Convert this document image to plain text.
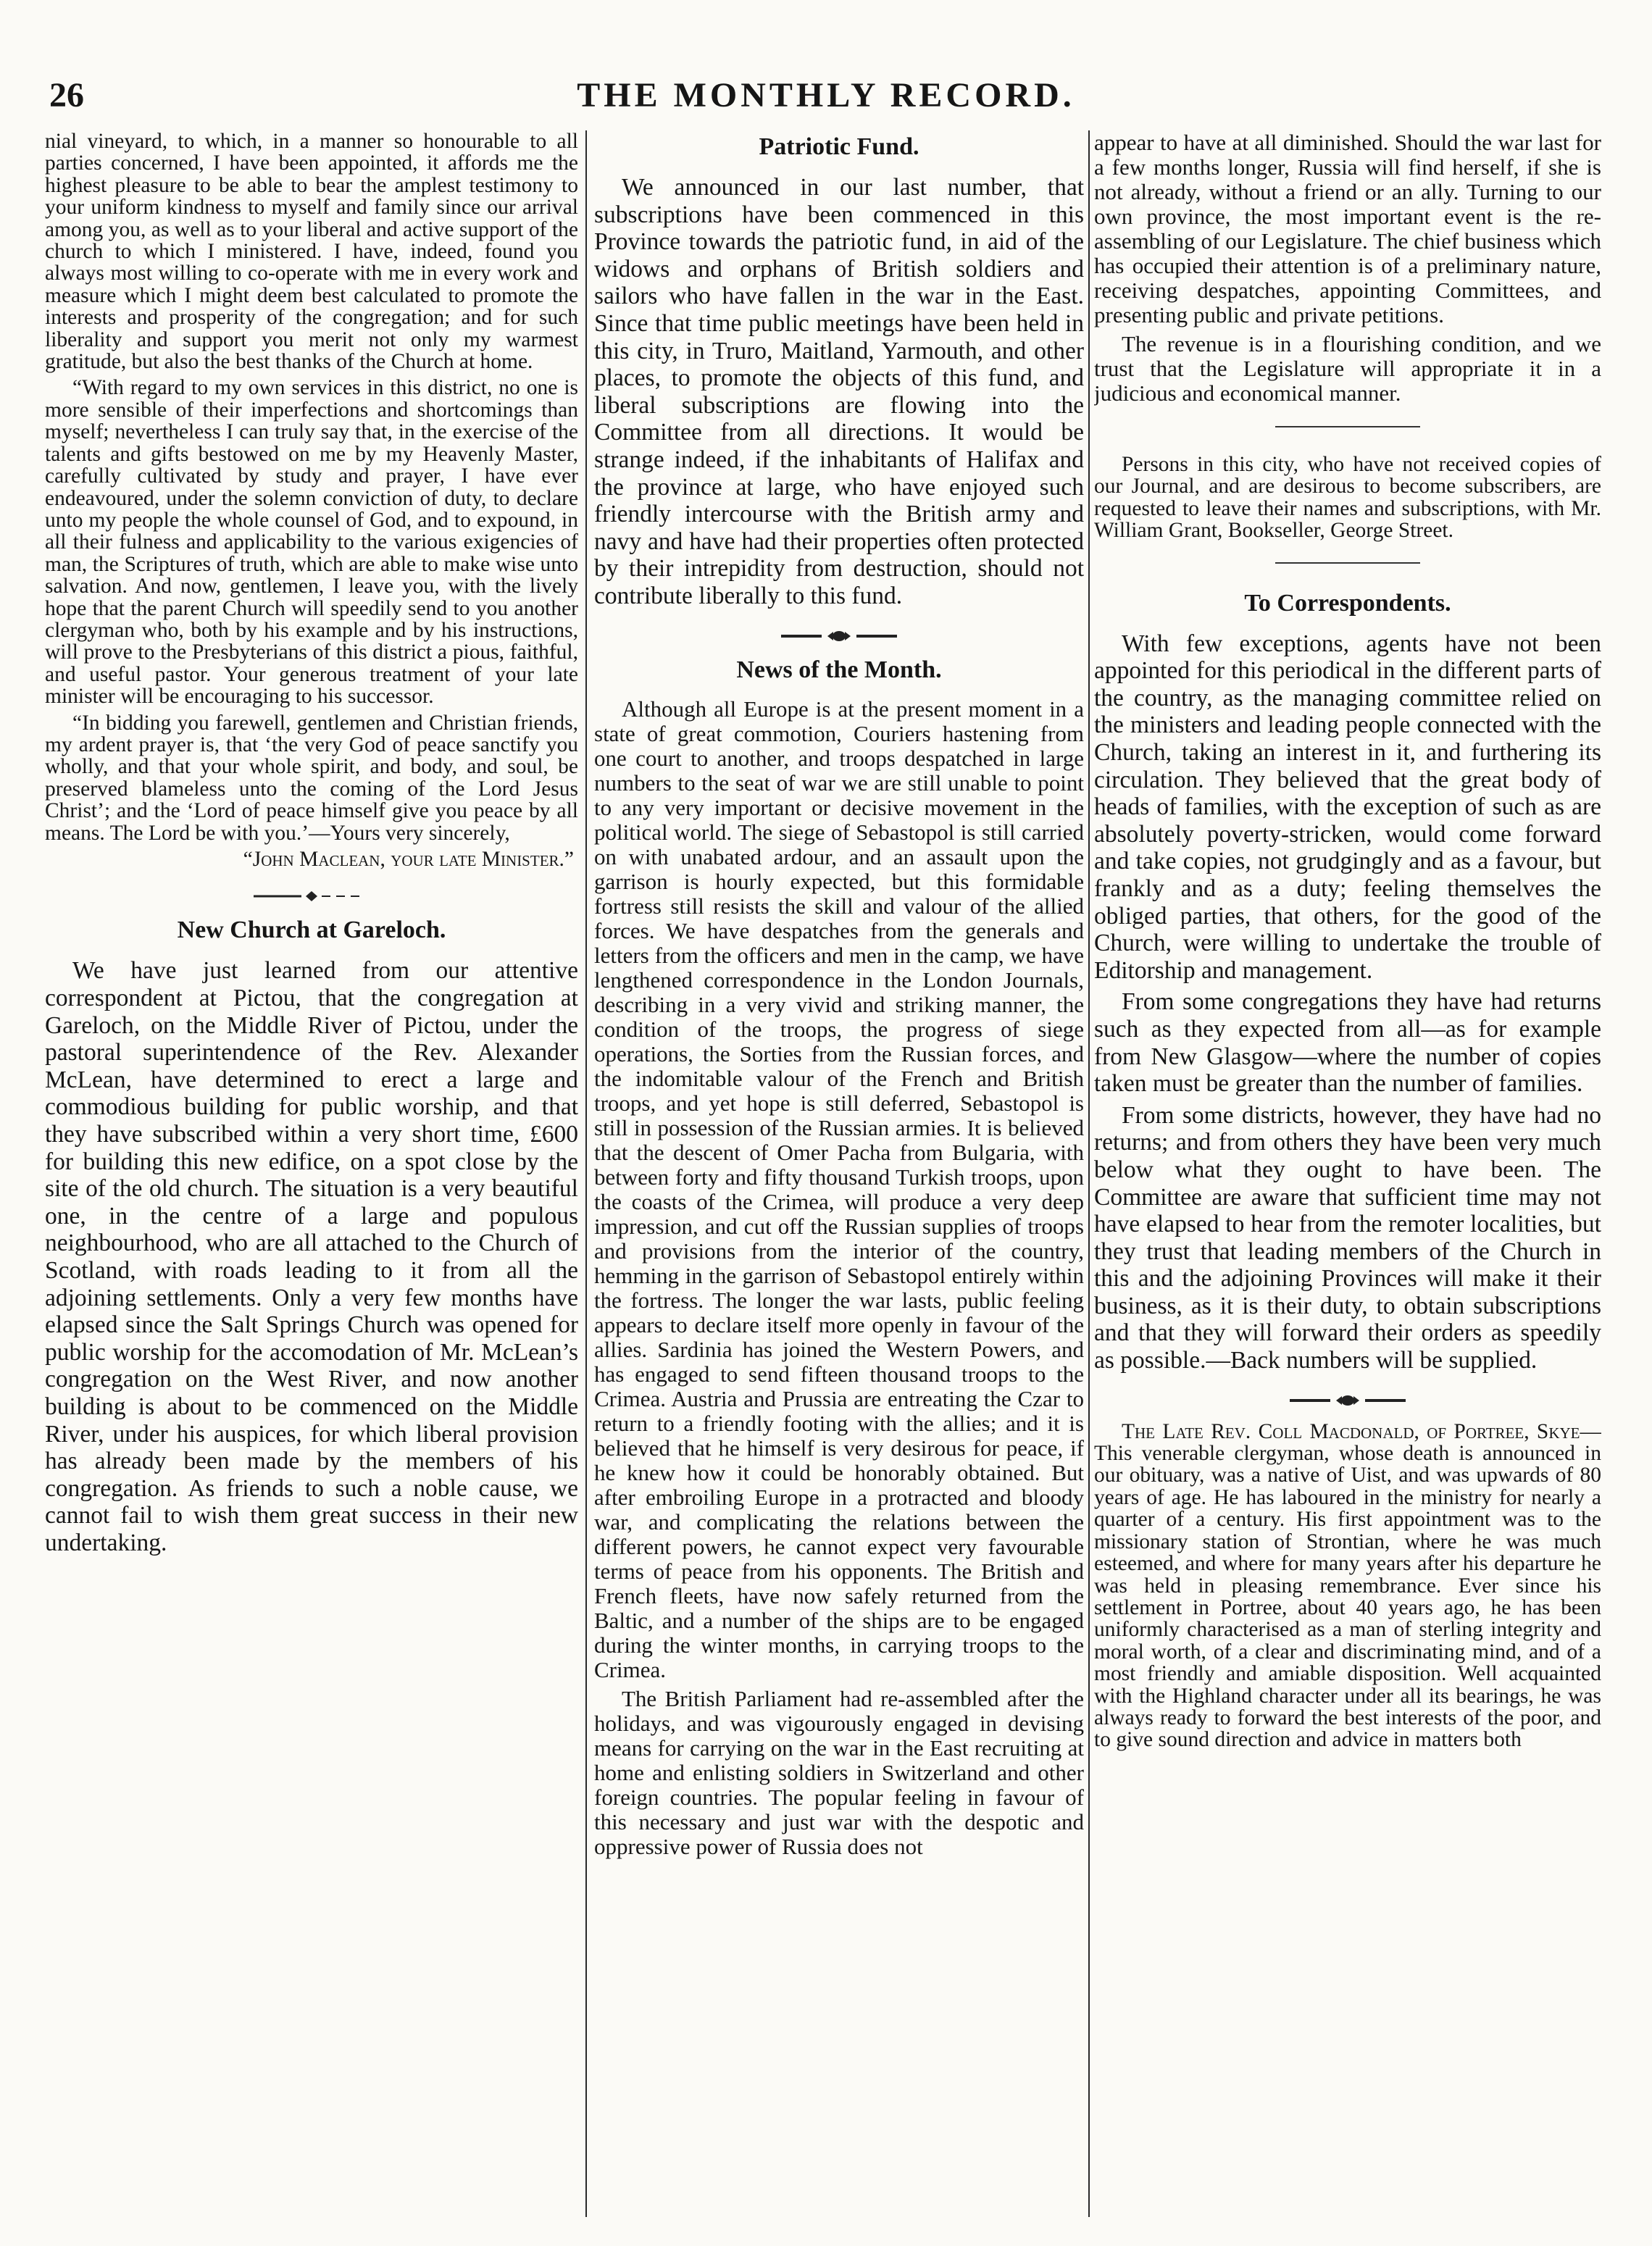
26	THE MONTHLY RECORD.

nial vineyard, to which, in a manner so honourable to all parties concerned, I have been appointed, it affords me the highest pleasure to be able to bear the amplest testimony to your uniform kindness to myself and family since our arrival among you, as well as to your liberal and active support of the church to which I ministered. I have, indeed, found you always most willing to co-operate with me in every work and measure which I might deem best calculated to promote the interests and prosperity of the congregation; and for such liberality and support you merit not only my warmest gratitude, but also the best thanks of the Church at home.

“With regard to my own services in this district, no one is more sensible of their imperfections and shortcomings than myself; nevertheless I can truly say that, in the exercise of the talents and gifts bestowed on me by my Heavenly Master, carefully cultivated by study and prayer, I have ever endeavoured, under the solemn conviction of duty, to declare unto my people the whole counsel of God, and to expound, in all their fulness and applicability to the various exigencies of man, the Scriptures of truth, which are able to make wise unto salvation. And now, gentlemen, I leave you, with the lively hope that the parent Church will speedily send to you another clergyman who, both by his example and by his instructions, will prove to the Presbyterians of this district a pious, faithful, and useful pastor. Your generous treatment of your late minister will be encouraging to his successor.

“In bidding you farewell, gentlemen and Christian friends, my ardent prayer is, that ‘the very God of peace sanctify you wholly, and that your whole spirit, and body, and soul, be preserved blameless unto the coming of the Lord Jesus Christ’; and the ‘Lord of peace himself give you peace by all means. The Lord be with you.’—Yours very sincerely,

“John Maclean, your late Minister.”

New Church at Gareloch.

We have just learned from our attentive correspondent at Pictou, that the congregation at Gareloch, on the Middle River of Pictou, under the pastoral superintendence of the Rev. Alexander McLean, have determined to erect a large and commodious building for public worship, and that they have subscribed within a very short time, £600 for building this new edifice, on a spot close by the site of the old church. The situation is a very beautiful one, in the centre of a large and populous neighbourhood, who are all attached to the Church of Scotland, with roads leading to it from all the adjoining settlements. Only a very few months have elapsed since the Salt Springs Church was opened for public worship for the accomodation of Mr. McLean’s congregation on the West River, and now another building is about to be commenced on the Middle River, under his auspices, for which liberal provision has already been made by the members of his congregation. As friends to such a noble cause, we cannot fail to wish them great success in their new undertaking.

Patriotic Fund.

We announced in our last number, that subscriptions have been commenced in this Province towards the patriotic fund, in aid of the widows and orphans of British soldiers and sailors who have fallen in the war in the East. Since that time public meetings have been held in this city, in Truro, Maitland, Yarmouth, and other places, to promote the objects of this fund, and liberal subscriptions are flowing into the Committee from all directions. It would be strange indeed, if the inhabitants of Halifax and the province at large, who have enjoyed such friendly intercourse with the British army and navy and have had their properties often protected by their intrepidity from destruction, should not contribute liberally to this fund.

News of the Month.

Although all Europe is at the present moment in a state of great commotion, Couriers hastening from one court to another, and troops despatched in large numbers to the seat of war we are still unable to point to any very important or decisive movement in the political world. The siege of Sebastopol is still carried on with unabated ardour, and an assault upon the garrison is hourly expected, but this formidable fortress still resists the skill and valour of the allied forces. We have despatches from the generals and letters from the officers and men in the camp, we have lengthened correspondence in the London Journals, describing in a very vivid and striking manner, the condition of the troops, the progress of siege operations, the Sorties from the Russian forces, and the indomitable valour of the French and British troops, and yet hope is still deferred, Sebastopol is still in possession of the Russian armies. It is believed that the descent of Omer Pacha from Bulgaria, with between forty and fifty thousand Turkish troops, upon the coasts of the Crimea, will produce a very deep impression, and cut off the Russian supplies of troops and provisions from the interior of the country, hemming in the garrison of Sebastopol entirely within the fortress. The longer the war lasts, public feeling appears to declare itself more openly in favour of the allies. Sardinia has joined the Western Powers, and has engaged to send fifteen thousand troops to the Crimea. Austria and Prussia are entreating the Czar to return to a friendly footing with the allies; and it is believed that he himself is very desirous for peace, if he knew how it could be honorably obtained. But after embroiling Europe in a protracted and bloody war, and complicating the relations between the different powers, he cannot expect very favourable terms of peace from his opponents. The British and French fleets, have now safely returned from the Baltic, and a number of the ships are to be engaged during the winter months, in carrying troops to the Crimea.

The British Parliament had re-assembled after the holidays, and was vigourously engaged in devising means for carrying on the war in the East recruiting at home and enlisting soldiers in Switzerland and other foreign countries. The popular feeling in favour of this necessary and just war with the despotic and oppressive power of Russia does not

appear to have at all diminished. Should the war last for a few months longer, Russia will find herself, if she is not already, without a friend or an ally. Turning to our own province, the most important event is the re-assembling of our Legislature. The chief business which has occupied their attention is of a preliminary nature, receiving despatches, appointing Committees, and presenting public and private petitions.

The revenue is in a flourishing condition, and we trust that the Legislature will appropriate it in a judicious and economical manner.

Persons in this city, who have not received copies of our Journal, and are desirous to become subscribers, are requested to leave their names and subscriptions, with Mr. William Grant, Bookseller, George Street.

To Correspondents.

With few exceptions, agents have not been appointed for this periodical in the different parts of the country, as the managing committee relied on the ministers and leading people connected with the Church, taking an interest in it, and furthering its circulation. They believed that the great body of heads of families, with the exception of such as are absolutely poverty-stricken, would come forward and take copies, not grudgingly and as a favour, but frankly and as a duty; feeling themselves the obliged parties, that others, for the good of the Church, were willing to undertake the trouble of Editorship and management.

From some congregations they have had returns such as they expected from all—as for example from New Glasgow—where the number of copies taken must be greater than the number of families.

From some districts, however, they have had no returns; and from others they have been very much below what they ought to have been. The Committee are aware that sufficient time may not have elapsed to hear from the remoter localities, but they trust that leading members of the Church in this and the adjoining Provinces will make it their business, as it is their duty, to obtain subscriptions and that they will forward their orders as speedily as possible.—Back numbers will be supplied.

The Late Rev. Coll Macdonald, of Portree, Skye—This venerable clergyman, whose death is announced in our obituary, was a native of Uist, and was upwards of 80 years of age. He has laboured in the ministry for nearly a quarter of a century. His first appointment was to the missionary station of Strontian, where he was much esteemed, and where for many years after his departure he was held in pleasing remembrance. Ever since his settlement in Portree, about 40 years ago, he has been uniformly characterised as a man of sterling integrity and moral worth, of a clear and discriminating mind, and of a most friendly and amiable disposition. Well acquainted with the Highland character under all its bearings, he was always ready to forward the best interests of the poor, and to give sound direction and advice in matters both
